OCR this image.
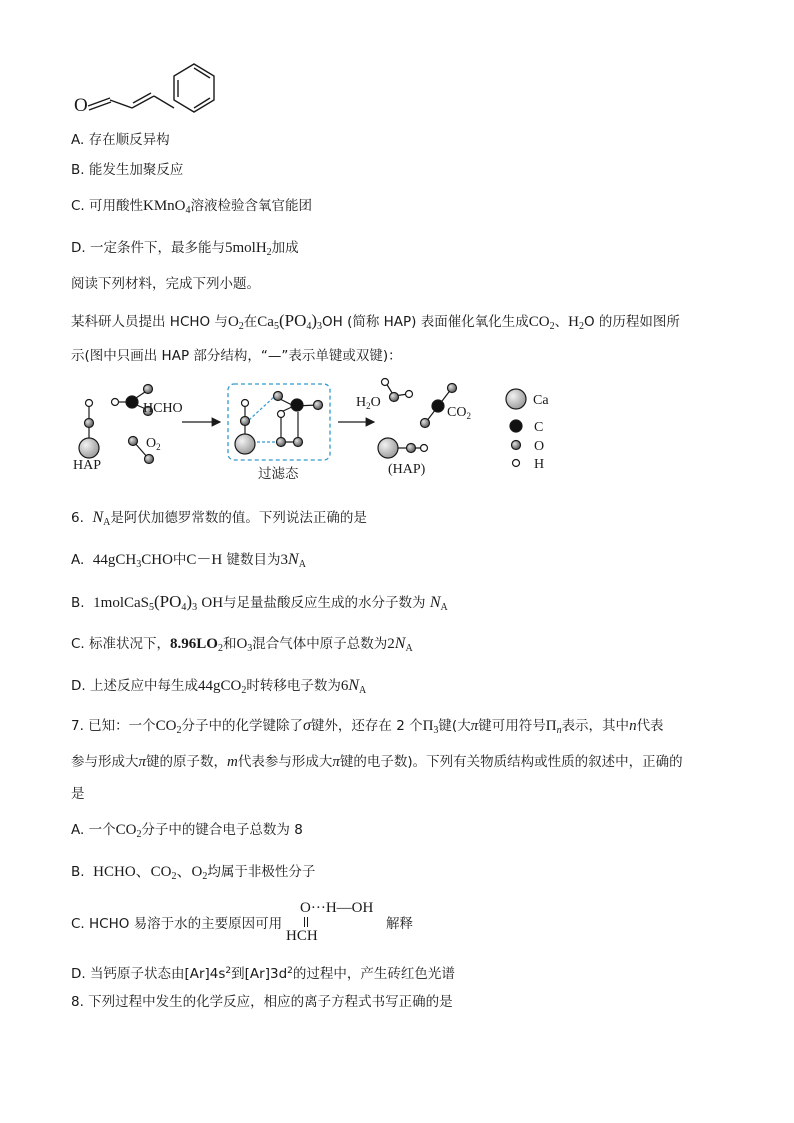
O
A. 存在顺反异构
B. 能发生加聚反应
C. 可用酸性KMnO$_4$溶液检验含氧官能团
D. 一定条件下，最多能与5molH$_2$加成
阅读下列材料，完成下列小题。
某科研人员提出 HCHO 与$O_2$在$Ca_5(PO_4)_3OH$ (简称 HAP) 表面催化氧化生成$CO_2$、$H_2O$ 的历程如图所
示(图中只画出 HAP 部分结构，“—”表示单键或双键)：
HAP
HCHO
$O_2$
过滤态
$H_2O$
$CO_2$
(HAP)
Ca
C
O
H
6. $N_A$是阿伏加德罗常数的值。下列说法正确的是
A. 44gCH$_3$CHO中C－H 键数目为$3N_A$
B. $1molCaS_5(PO_4)_3$ OH与足量盐酸反应生成的水分子数为 $N_A$
C. 标准状况下，$8.96LO_2$和$O_3$混合气体中原子总数为$2N_A$
D. 上述反应中每生成44gCO$_2$时转移电子数为$6N_A$
7. 已知：一个$CO_2$分子中的化学键除了σ键外，还存在 2 个$\Pi_3$键(大π键可用符号$\Pi_n$表示，其中n代表
参与形成大π键的原子数，m代表参与形成大π键的电子数)。下列有关物质结构或性质的叙述中，正确的
是
A. 一个$CO_2$分子中的键合电子总数为 8
B. HCHO、$CO_2$、$O_2$均属于非极性分子
C. HCHO 易溶于水的主要原因可用
O···H—OH
HCH
解释
D. 当钙原子状态由$[Ar]4s^2$到$[Ar]3d^2$的过程中，产生砖红色光谱
8. 下列过程中发生的化学反应，相应的离子方程式书写正确的是
